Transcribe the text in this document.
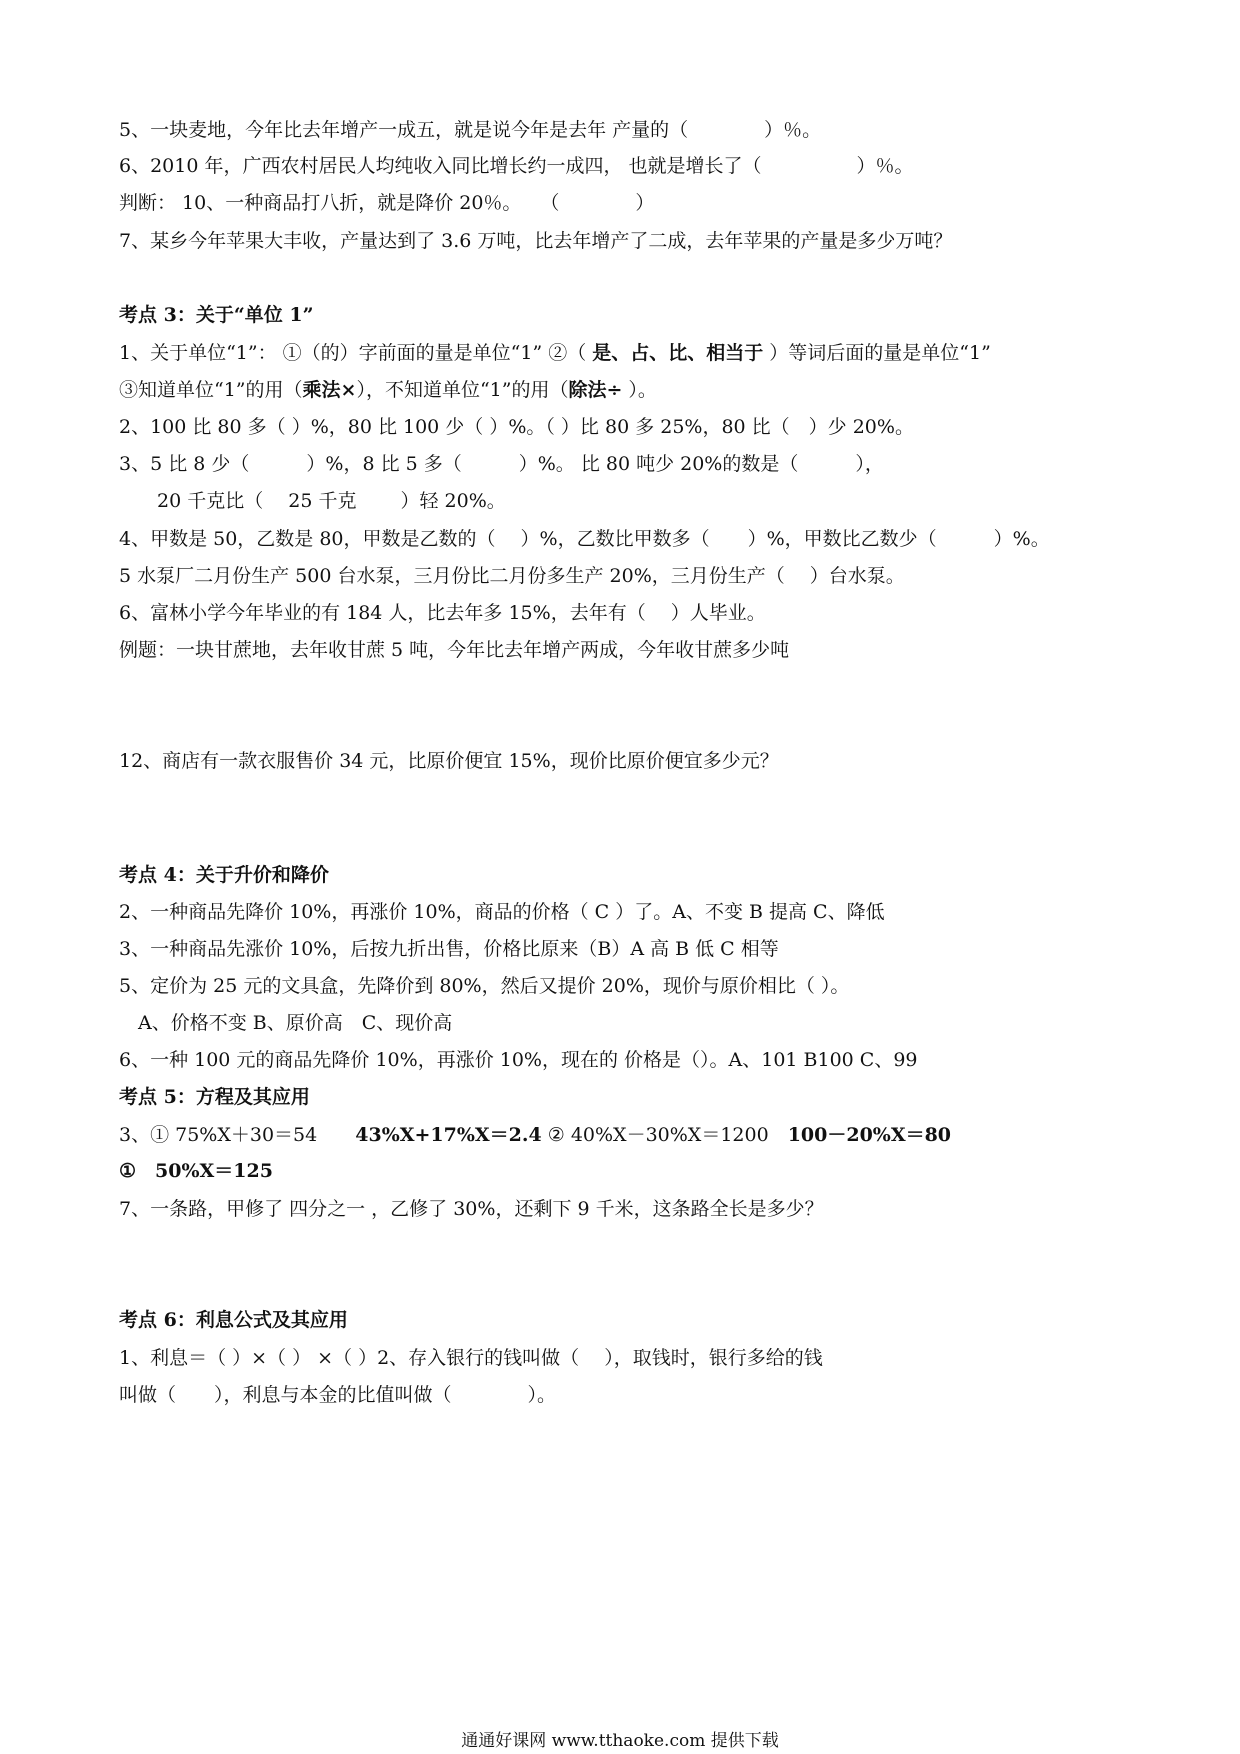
5、一块麦地，今年比去年增产一成五，就是说今年是去年 产量的（　　　　）％。
6、2010 年，广西农村居民人均纯收入同比增长约一成四， 也就是增长了（　　　　　）％。
判断： 10、一种商品打八折，就是降价 20％。　　（　　　　）
7、某乡今年苹果大丰收，产量达到了 3.6 万吨，比去年增产了二成，去年苹果的产量是多少万吨？
考点 3：关于“单位 1”
1、关于单位“1”： ①（的）字前面的量是单位“1” ②（ 是、占、比、相当于 ）等词后面的量是单位“1”
③知道单位“1”的用（乘法×），不知道单位“1”的用（除法÷ ）。
2、100 比 80 多（ ）%，80 比 100 少（ ）%。（ ）比 80 多 25%，80 比（　）少 20%。
3、5 比 8 少（　　　）%，8 比 5 多（　　　）%。 比 80 吨少 20%的数是（　　　），
　　20 千克比（　 25 千克　　 ）轻 20%。
4、甲数是 50，乙数是 80，甲数是乙数的（　 ）%，乙数比甲数多（　　）%，甲数比乙数少（　　　）%。
5 水泵厂二月份生产 500 台水泵，三月份比二月份多生产 20%，三月份生产（　 ）台水泵。
6、富林小学今年毕业的有 184 人，比去年多 15%，去年有（　 ）人毕业。
例题：一块甘蔗地，去年收甘蔗 5 吨，今年比去年增产两成，今年收甘蔗多少吨
12、商店有一款衣服售价 34 元，比原价便宜 15%，现价比原价便宜多少元？
考点 4：关于升价和降价
2、一种商品先降价 10%，再涨价 10%，商品的价格（ C ）了。A、不变 B 提高 C、降低
3、一种商品先涨价 10%，后按九折出售，价格比原来（B）A 高 B 低 C 相等
5、定价为 25 元的文具盒，先降价到 80%，然后又提价 20%，现价与原价相比（ ）。
　A、价格不变 B、原价高　C、现价高
6、一种 100 元的商品先降价 10%，再涨价 10%，现在的 价格是（）。A、101 B100 C、99
考点 5：方程及其应用
3、① 75%X＋30＝54　　43%X+17%X＝2.4 ② 40%X－30%X＝1200　100－20%X＝80
①　50%X＝125
7、一条路，甲修了 四分之一 ，乙修了 30%，还剩下 9 千米，这条路全长是多少？
考点 6：利息公式及其应用
1、利息＝（ ）×（ ） ×（ ）2、存入银行的钱叫做（　 ），取钱时，银行多给的钱
叫做（　　），利息与本金的比值叫做（　　　　）。
通通好课网 www.tthaoke.com 提供下载
